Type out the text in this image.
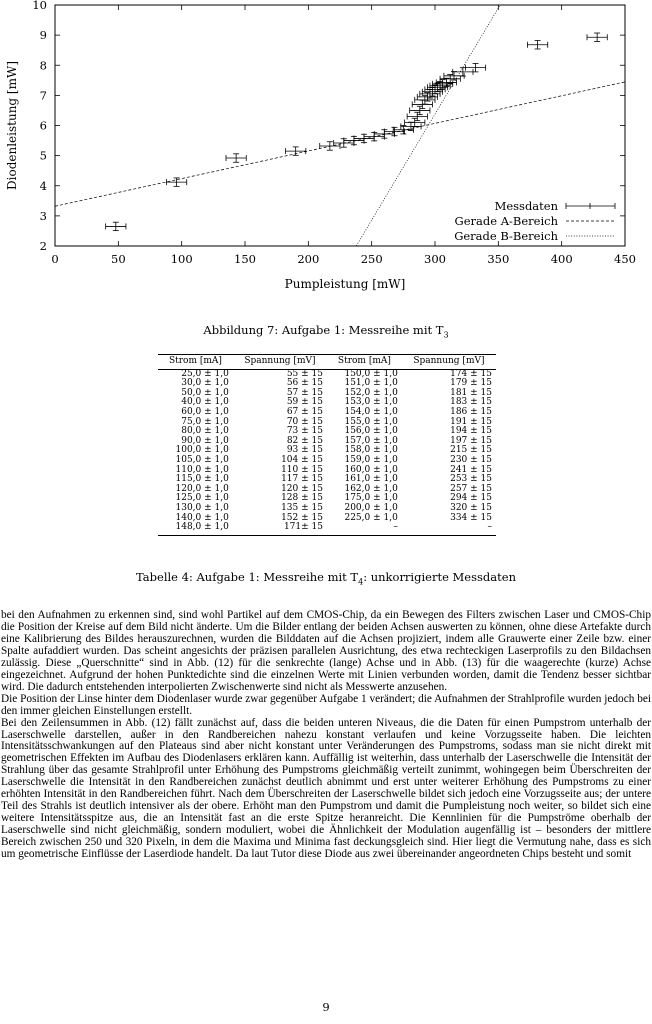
0	50	100	150	200	250	300	350	400	450
2
3
4
5
6
7
8
9
10
Pumpleistung [mW]
Diodenleistung [mW]
Messdaten
Gerade A-Bereich
Gerade B-Bereich
Abbildung 7: Aufgabe 1: Messreihe mit $T_3$
Strom [mA]	Spannung [mV]	Strom [mA]	Spannung [mV]
25,0 ± 1,0	55 ± 15	150,0 ± 1,0	174 ± 15
30,0 ± 1,0	56 ± 15	151,0 ± 1,0	179 ± 15
50,0 ± 1,0	57 ± 15	152,0 ± 1,0	181 ± 15
40,0 ± 1,0	59 ± 15	153,0 ± 1,0	183 ± 15
60,0 ± 1,0	67 ± 15	154,0 ± 1,0	186 ± 15
75,0 ± 1,0	70 ± 15	155,0 ± 1,0	191 ± 15
80,0 ± 1,0	73 ± 15	156,0 ± 1,0	194 ± 15
90,0 ± 1,0	82 ± 15	157,0 ± 1,0	197 ± 15
100,0 ± 1,0	93 ± 15	158,0 ± 1,0	215 ± 15
105,0 ± 1,0	104 ± 15	159,0 ± 1,0	230 ± 15
110,0 ± 1,0	110 ± 15	160,0 ± 1,0	241 ± 15
115,0 ± 1,0	117 ± 15	161,0 ± 1,0	253 ± 15
120,0 ± 1,0	120 ± 15	162,0 ± 1,0	257 ± 15
125,0 ± 1,0	128 ± 15	175,0 ± 1,0	294 ± 15
130,0 ± 1,0	135 ± 15	200,0 ± 1,0	320 ± 15
140,0 ± 1,0	152 ± 15	225,0 ± 1,0	334 ± 15
148,0 ± 1,0	171± 15	–	–
Tabelle 4: Aufgabe 1: Messreihe mit $T_4$: unkorrigierte Messdaten

bei den Aufnahmen zu erkennen sind, sind wohl Partikel auf dem CMOS-Chip, da ein Bewegen des Filters zwischen Laser und CMOS-Chip die Position der Kreise auf dem Bild nicht änderte. Um die Bilder entlang der beiden Achsen auswerten zu können, ohne diese Artefakte durch eine Kalibrierung des Bildes herauszurechnen, wurden die Bilddaten auf die Achsen projiziert, indem alle Grauwerte einer Zeile bzw. einer Spalte aufaddiert wurden. Das scheint angesichts der präzisen parallelen Ausrichtung, des etwa rechteckigen Laserprofils zu den Bildachsen zulässig. Diese „Querschnitte“ sind in Abb. (12) für die senkrechte (lange) Achse und in Abb. (13) für die waagerechte (kurze) Achse eingezeichnet. Aufgrund der hohen Punktedichte sind die einzelnen Werte mit Linien verbunden worden, damit die Tendenz besser sichtbar wird. Die dadurch entstehenden interpolierten Zwischenwerte sind nicht als Messwerte anzusehen.

Die Position der Linse hinter dem Diodenlaser wurde zwar gegenüber Aufgabe 1 verändert; die Aufnahmen der Strahlprofile wurden jedoch bei den immer gleichen Einstellungen erstellt.

Bei den Zeilensummen in Abb. (12) fällt zunächst auf, dass die beiden unteren Niveaus, die die Daten für einen Pumpstrom unterhalb der Laserschwelle darstellen, außer in den Randbereichen nahezu konstant verlaufen und keine Vorzugsseite haben. Die leichten Intensitätsschwankungen auf den Plateaus sind aber nicht konstant unter Veränderungen des Pumpstroms, sodass man sie nicht direkt mit geometrischen Effekten im Aufbau des Diodenlasers erklären kann. Auffällig ist weiterhin, dass unterhalb der Laserschwelle die Intensität der Strahlung über das gesamte Strahlprofil unter Erhöhung des Pumpstroms gleichmäßig verteilt zunimmt, wohingegen beim Überschreiten der Laserschwelle die Intensität in den Randbereichen zunächst deutlich abnimmt und erst unter weiterer Erhöhung des Pumpstroms zu einer erhöhten Intensität in den Randbereichen führt. Nach dem Überschreiten der Laserschwelle bildet sich jedoch eine Vorzugsseite aus; der untere Teil des Strahls ist deutlich intensiver als der obere. Erhöht man den Pumpstrom und damit die Pumpleistung noch weiter, so bildet sich eine weitere Intensitätsspitze aus, die an Intensität fast an die erste Spitze heranreicht. Die Kennlinien für die Pumpströme oberhalb der Laserschwelle sind nicht gleichmäßig, sondern moduliert, wobei die Ähnlichkeit der Modulation augenfällig ist – besonders der mittlere Bereich zwischen 250 und 320 Pixeln, in dem die Maxima und Minima fast deckungsgleich sind. Hier liegt die Vermutung nahe, dass es sich um geometrische Einflüsse der Laserdiode handelt. Da laut Tutor diese Diode aus zwei übereinander angeordneten Chips besteht und somit

9
